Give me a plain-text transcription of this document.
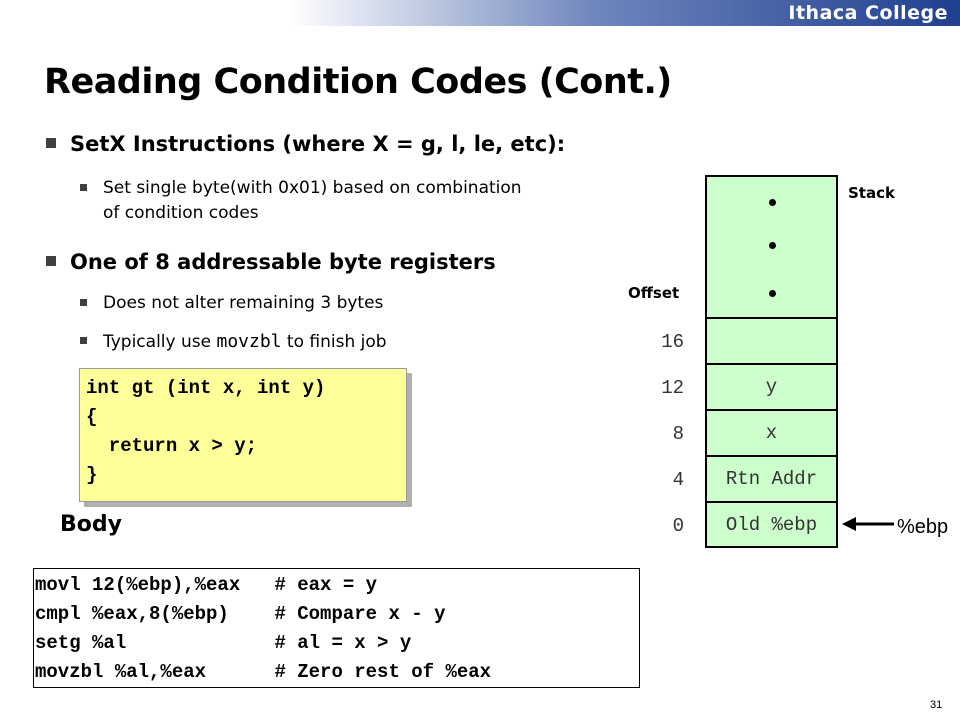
Ithaca College
Reading Condition Codes (Cont.)
SetX Instructions (where X = g, l, le, etc):
Set single byte(with 0x01) based on combination
of condition codes
One of 8 addressable byte registers
Does not alter remaining 3 bytes
Typically use movzbl to finish job
int gt (int x, int y)
{
return x > y;
}
Body
movl 12(%ebp),%eax   # eax = y
cmpl %eax,8(%ebp)    # Compare x - y
setg %al             # al = x > y
movzbl %al,%eax      # Zero rest of %eax
Stack
Offset
y
x
Rtn Addr
Old %ebp
16
12
8
4
0	%ebp
31
